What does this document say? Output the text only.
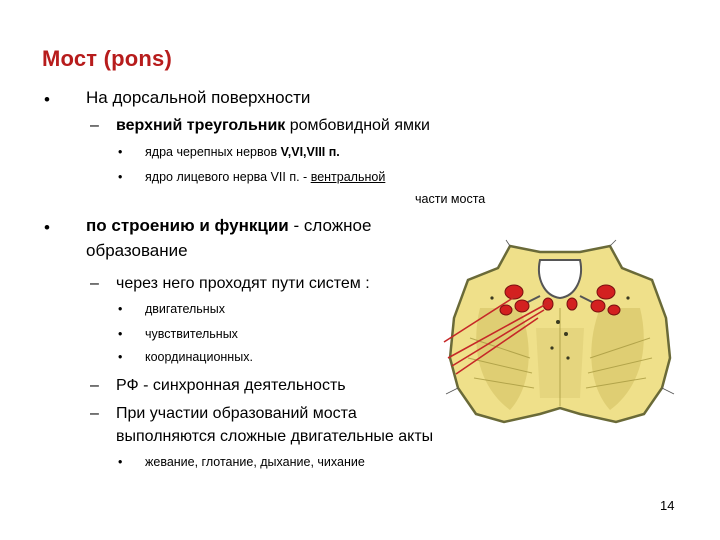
Мост (pons)
• На дорсальной поверхности
– верхний треугольник ромбовидной ямки
• ядра черепных нервов V,VI,VIII п.
• ядро лицевого нерва VII п. - вентральной
части моста
• по строению и функции - сложное
образование
– через него проходят пути систем :
• двигательных
• чувствительных
• координационных.
– РФ - синхронная деятельность
– При участии образований моста
выполняются сложные двигательные акты
• жевание, глотание, дыхание, чихание
14
